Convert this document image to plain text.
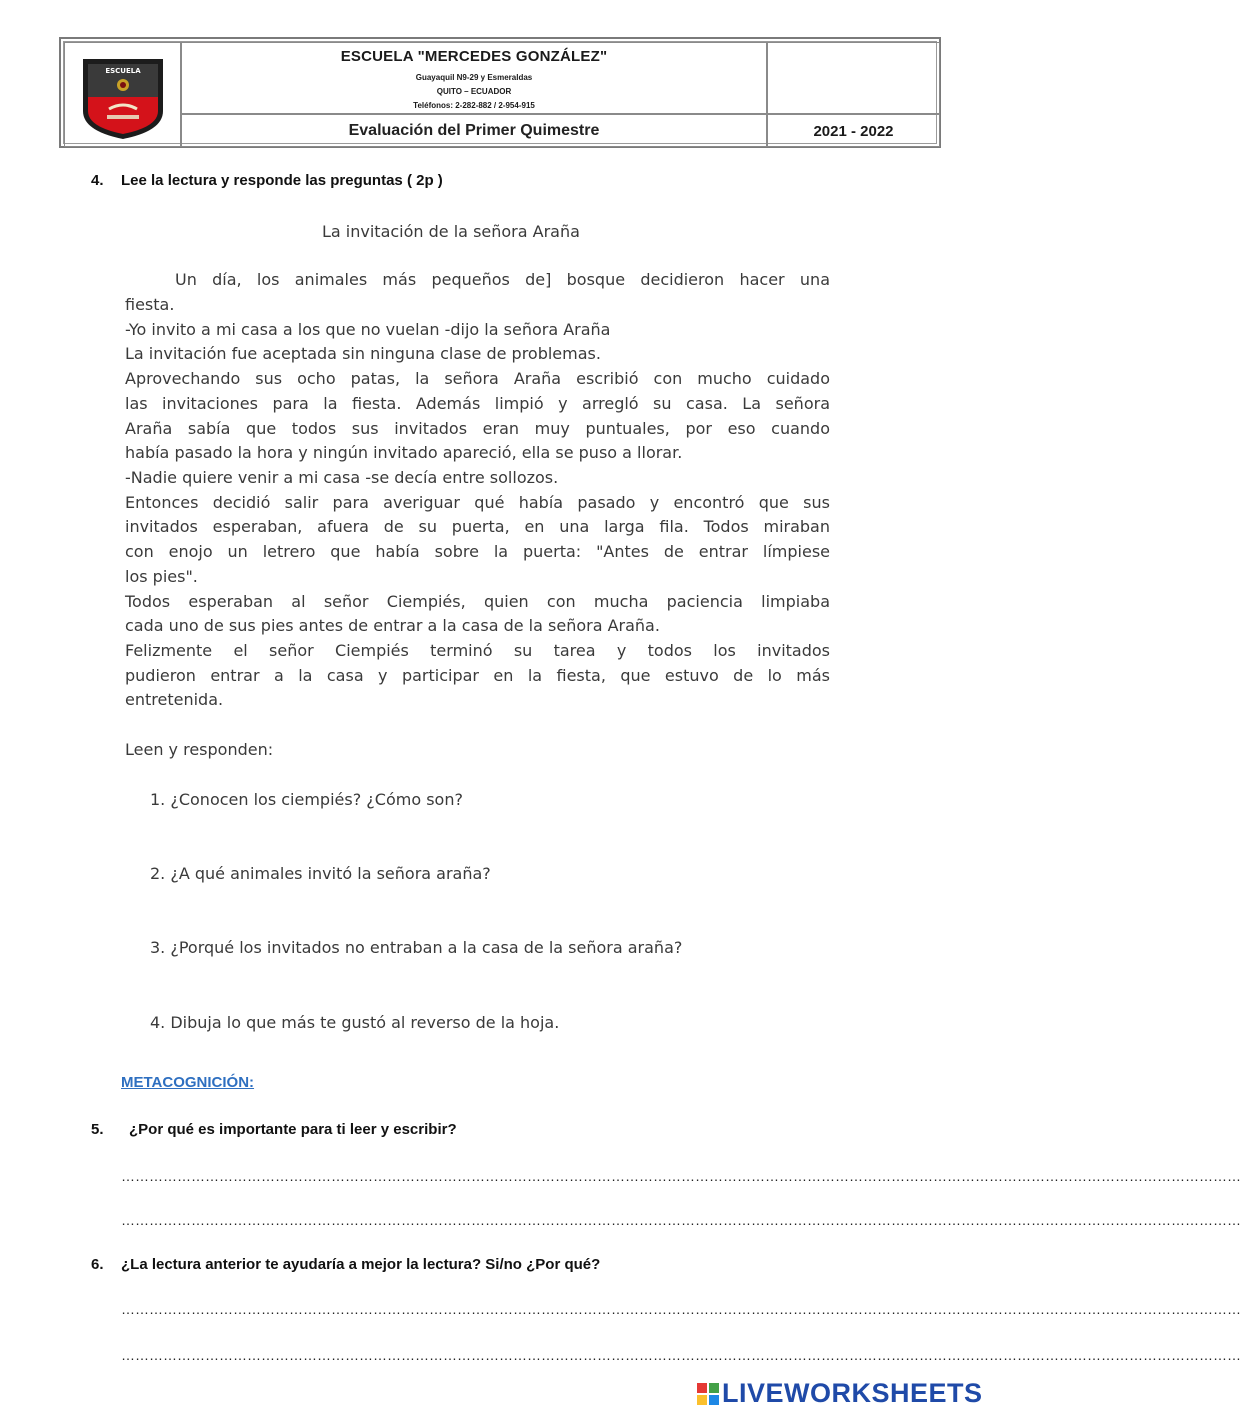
ESCUELA
ESCUELA "MERCEDES GONZÁLEZ"
Guayaquil N9-29 y Esmeraldas
QUITO – ECUADOR
Teléfonos: 2-282-882 / 2-954-915
Evaluación del Primer Quimestre	2021 - 2022
4. Lee la lectura y responde las preguntas ( 2p )
La invitación de la señora Araña
Un día, los animales más pequeños de] bosque decidieron hacer una
fiesta.
-Yo invito a mi casa a los que no vuelan -dijo la señora Araña
La invitación fue aceptada sin ninguna clase de problemas.
Aprovechando sus ocho patas, la señora Araña escribió con mucho cuidado
las invitaciones para la fiesta. Además limpió y arregló su casa. La señora
Araña sabía que todos sus invitados eran muy puntuales, por eso cuando
había pasado la hora y ningún invitado apareció, ella se puso a llorar.
-Nadie quiere venir a mi casa -se decía entre sollozos.
Entonces decidió salir para averiguar qué había pasado y encontró que sus
invitados esperaban, afuera de su puerta, en una larga fila. Todos miraban
con enojo un letrero que había sobre la puerta: "Antes de entrar límpiese
los pies".
Todos esperaban al señor Ciempiés, quien con mucha paciencia limpiaba
cada uno de sus pies antes de entrar a la casa de la señora Araña.
Felizmente el señor Ciempiés terminó su tarea y todos los invitados
pudieron entrar a la casa y participar en la fiesta, que estuvo de lo más
entretenida.
Leen y responden:
1. ¿Conocen los ciempiés? ¿Cómo son?
2. ¿A qué animales invitó la señora araña?
3. ¿Porqué los invitados no entraban a la casa de la señora araña?
4. Dibuja lo que más te gustó al reverso de la hoja.
METACOGNICIÓN:
5. ¿Por qué es importante para ti leer y escribir?
……………………………………………………………………………………………………………………………………………………………………………………………………………………
……………………………………………………………………………………………………………………………………………………………………………………………………………………
6. ¿La lectura anterior te ayudaría a mejor la lectura? Si/no ¿Por qué?
……………………………………………………………………………………………………………………………………………………………………………………………………………………
……………………………………………………………………………………………………………………………………………………………………………………………………………………
LIVEWORKSHEETS
